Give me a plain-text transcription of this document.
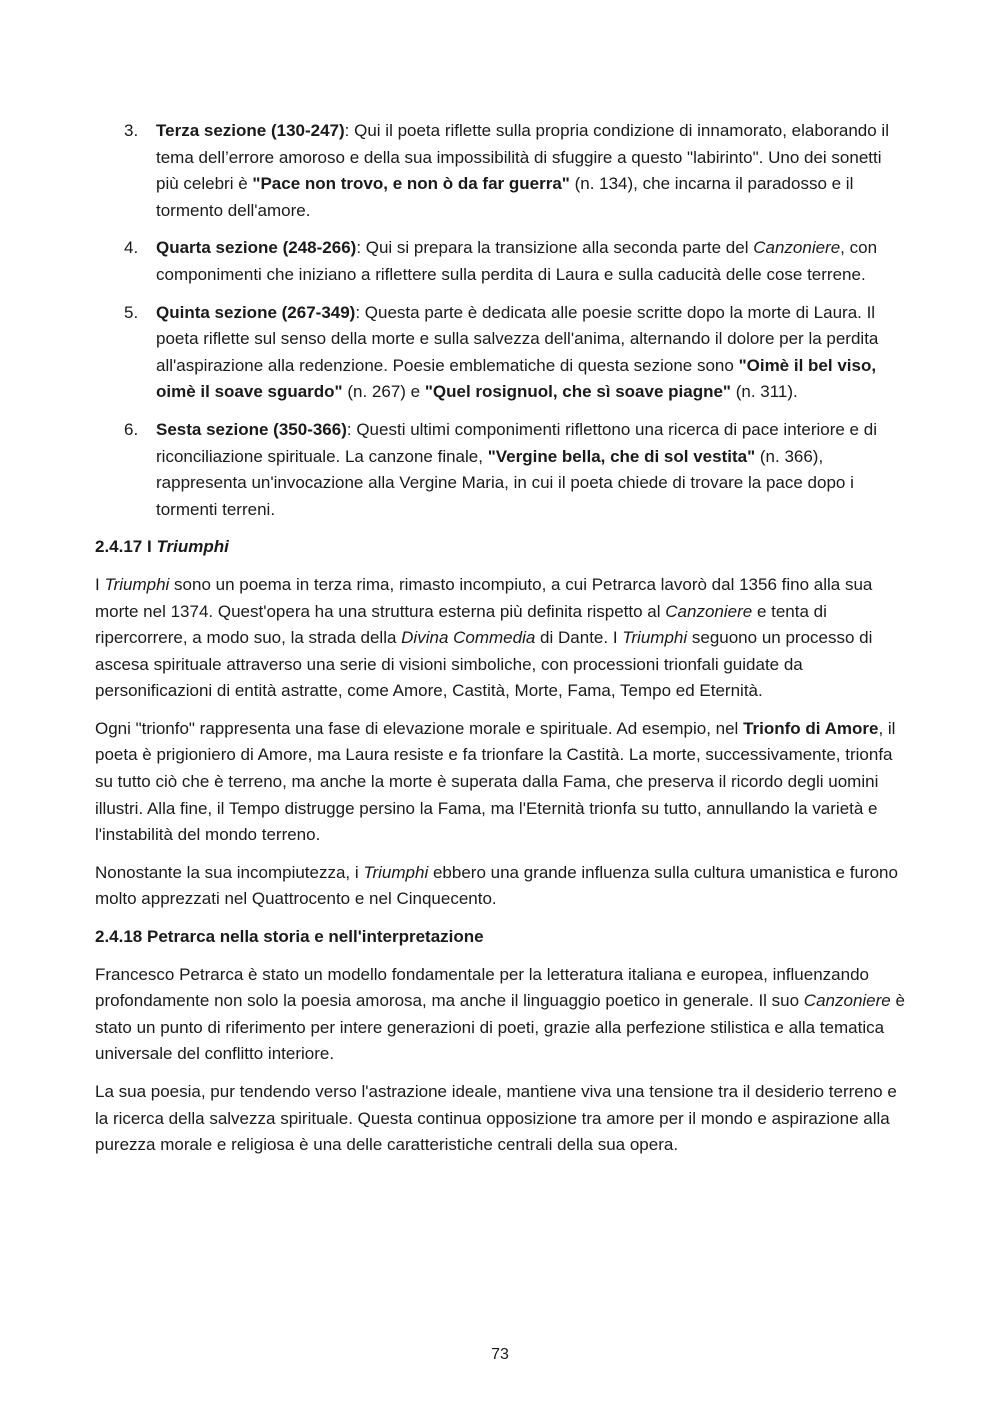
3. Terza sezione (130-247): Qui il poeta riflette sulla propria condizione di innamorato, elaborando il tema dell’errore amoroso e della sua impossibilità di sfuggire a questo "labirinto". Uno dei sonetti più celebri è "Pace non trovo, e non ò da far guerra" (n. 134), che incarna il paradosso e il tormento dell'amore.
4. Quarta sezione (248-266): Qui si prepara la transizione alla seconda parte del Canzoniere, con componimenti che iniziano a riflettere sulla perdita di Laura e sulla caducità delle cose terrene.
5. Quinta sezione (267-349): Questa parte è dedicata alle poesie scritte dopo la morte di Laura. Il poeta riflette sul senso della morte e sulla salvezza dell'anima, alternando il dolore per la perdita all'aspirazione alla redenzione. Poesie emblematiche di questa sezione sono "Oimè il bel viso, oimè il soave sguardo" (n. 267) e "Quel rosignuol, che sì soave piagne" (n. 311).
6. Sesta sezione (350-366): Questi ultimi componimenti riflettono una ricerca di pace interiore e di riconciliazione spirituale. La canzone finale, "Vergine bella, che di sol vestita" (n. 366), rappresenta un'invocazione alla Vergine Maria, in cui il poeta chiede di trovare la pace dopo i tormenti terreni.
2.4.17 I Triumphi

I Triumphi sono un poema in terza rima, rimasto incompiuto, a cui Petrarca lavorò dal 1356 fino alla sua morte nel 1374. Quest'opera ha una struttura esterna più definita rispetto al Canzoniere e tenta di ripercorrere, a modo suo, la strada della Divina Commedia di Dante. I Triumphi seguono un processo di ascesa spirituale attraverso una serie di visioni simboliche, con processioni trionfali guidate da personificazioni di entità astratte, come Amore, Castità, Morte, Fama, Tempo ed Eternità.

Ogni "trionfo" rappresenta una fase di elevazione morale e spirituale. Ad esempio, nel Trionfo di Amore, il poeta è prigioniero di Amore, ma Laura resiste e fa trionfare la Castità. La morte, successivamente, trionfa su tutto ciò che è terreno, ma anche la morte è superata dalla Fama, che preserva il ricordo degli uomini illustri. Alla fine, il Tempo distrugge persino la Fama, ma l'Eternità trionfa su tutto, annullando la varietà e l'instabilità del mondo terreno.

Nonostante la sua incompiutezza, i Triumphi ebbero una grande influenza sulla cultura umanistica e furono molto apprezzati nel Quattrocento e nel Cinquecento.

2.4.18 Petrarca nella storia e nell'interpretazione

Francesco Petrarca è stato un modello fondamentale per la letteratura italiana e europea, influenzando profondamente non solo la poesia amorosa, ma anche il linguaggio poetico in generale. Il suo Canzoniere è stato un punto di riferimento per intere generazioni di poeti, grazie alla perfezione stilistica e alla tematica universale del conflitto interiore.

La sua poesia, pur tendendo verso l'astrazione ideale, mantiene viva una tensione tra il desiderio terreno e la ricerca della salvezza spirituale. Questa continua opposizione tra amore per il mondo e aspirazione alla purezza morale e religiosa è una delle caratteristiche centrali della sua opera.

73
